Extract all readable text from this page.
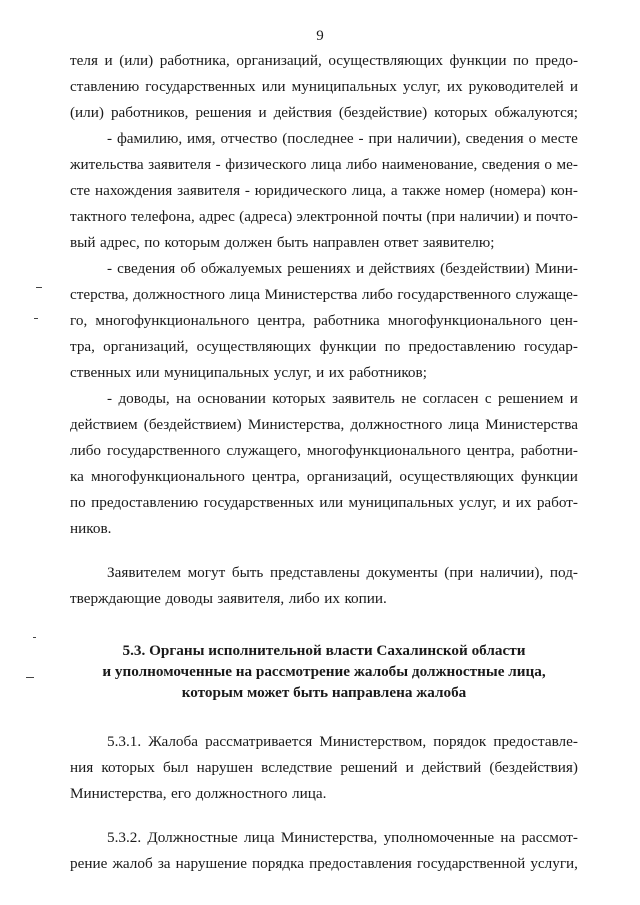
9
теля и (или) работника, организаций, осуществляющих функции по предо-
ставлению государственных или муниципальных услуг, их руководителей и
(или) работников, решения и действия (бездействие) которых обжалуются;
- фамилию, имя, отчество (последнее - при наличии), сведения о месте
жительства заявителя - физического лица либо наименование, сведения о ме-
сте нахождения заявителя - юридического лица, а также номер (номера) кон-
тактного телефона, адрес (адреса) электронной почты (при наличии) и почто-
вый адрес, по которым должен быть направлен ответ заявителю;
- сведения об обжалуемых решениях и действиях (бездействии) Мини-
стерства, должностного лица Министерства либо государственного служаще-
го, многофункционального центра, работника многофункционального цен-
тра, организаций, осуществляющих функции по предоставлению государ-
ственных или муниципальных услуг, и их работников;
- доводы, на основании которых заявитель не согласен с решением и
действием (бездействием) Министерства, должностного лица Министерства
либо государственного служащего, многофункционального центра, работни-
ка многофункционального центра, организаций, осуществляющих функции
по предоставлению государственных или муниципальных услуг, и их работ-
ников.
Заявителем могут быть представлены документы (при наличии), под-
тверждающие доводы заявителя, либо их копии.
5.3. Органы исполнительной власти Сахалинской области
и уполномоченные на рассмотрение жалобы должностные лица,
которым может быть направлена жалоба
5.3.1. Жалоба рассматривается Министерством, порядок предоставле-
ния которых был нарушен вследствие решений и действий (бездействия)
Министерства, его должностного лица.
5.3.2. Должностные лица Министерства, уполномоченные на рассмот-
рение жалоб за нарушение порядка предоставления государственной услуги,
